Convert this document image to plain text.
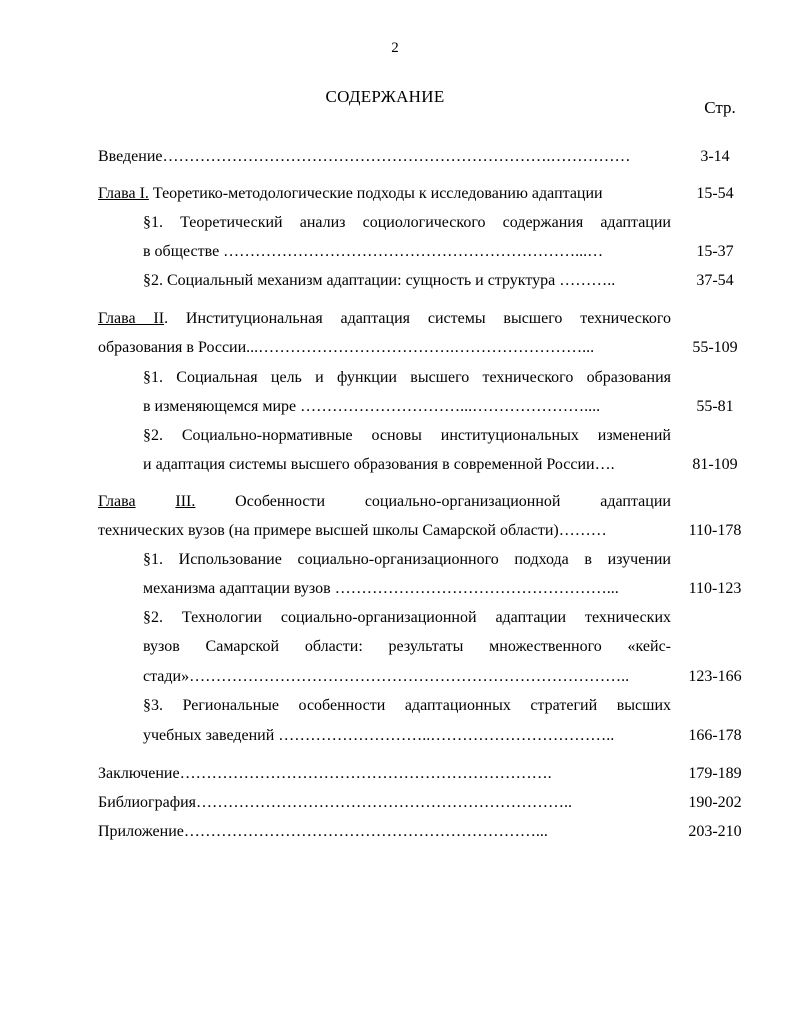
2
СОДЕРЖАНИЕ
Стр.
Введение……………………………………………………………….……………	3-14
Глава I. Теоретико-методологические подходы к исследованию адаптации	15-54
§1. Теоретический анализ социологического содержания адаптации
в обществе …………………………………………………………...…	15-37
§2. Социальный механизм адаптации: сущность и структура ………..	37-54
Глава II. Институциональная адаптация системы высшего технического
образования в России...……………………………….……………………...	55-109
§1. Социальная цель и функции высшего технического образования
в изменяющемся мире …………………………...…………………....	55-81
§2. Социально-нормативные основы институциональных изменений
и адаптация системы высшего образования в современной России….	81-109
Глава III. Особенности социально-организационной адаптации
технических вузов (на примере высшей школы Самарской области)………	110-178
§1. Использование социально-организационного подхода в изучении
механизма адаптации вузов ……………………………………………...	110-123
§2. Технологии социально-организационной адаптации технических
вузов Самарской области: результаты множественного «кейс-
стади»………………………………………………………………………..	123-166
§3. Региональные особенности адаптационных стратегий высших
учебных заведений ………………………..……………………………..	166-178
Заключение…………………………………………………………….	179-189
Библиография……………………………………………………………..	190-202
Приложение…………………………………………………………...	203-210
